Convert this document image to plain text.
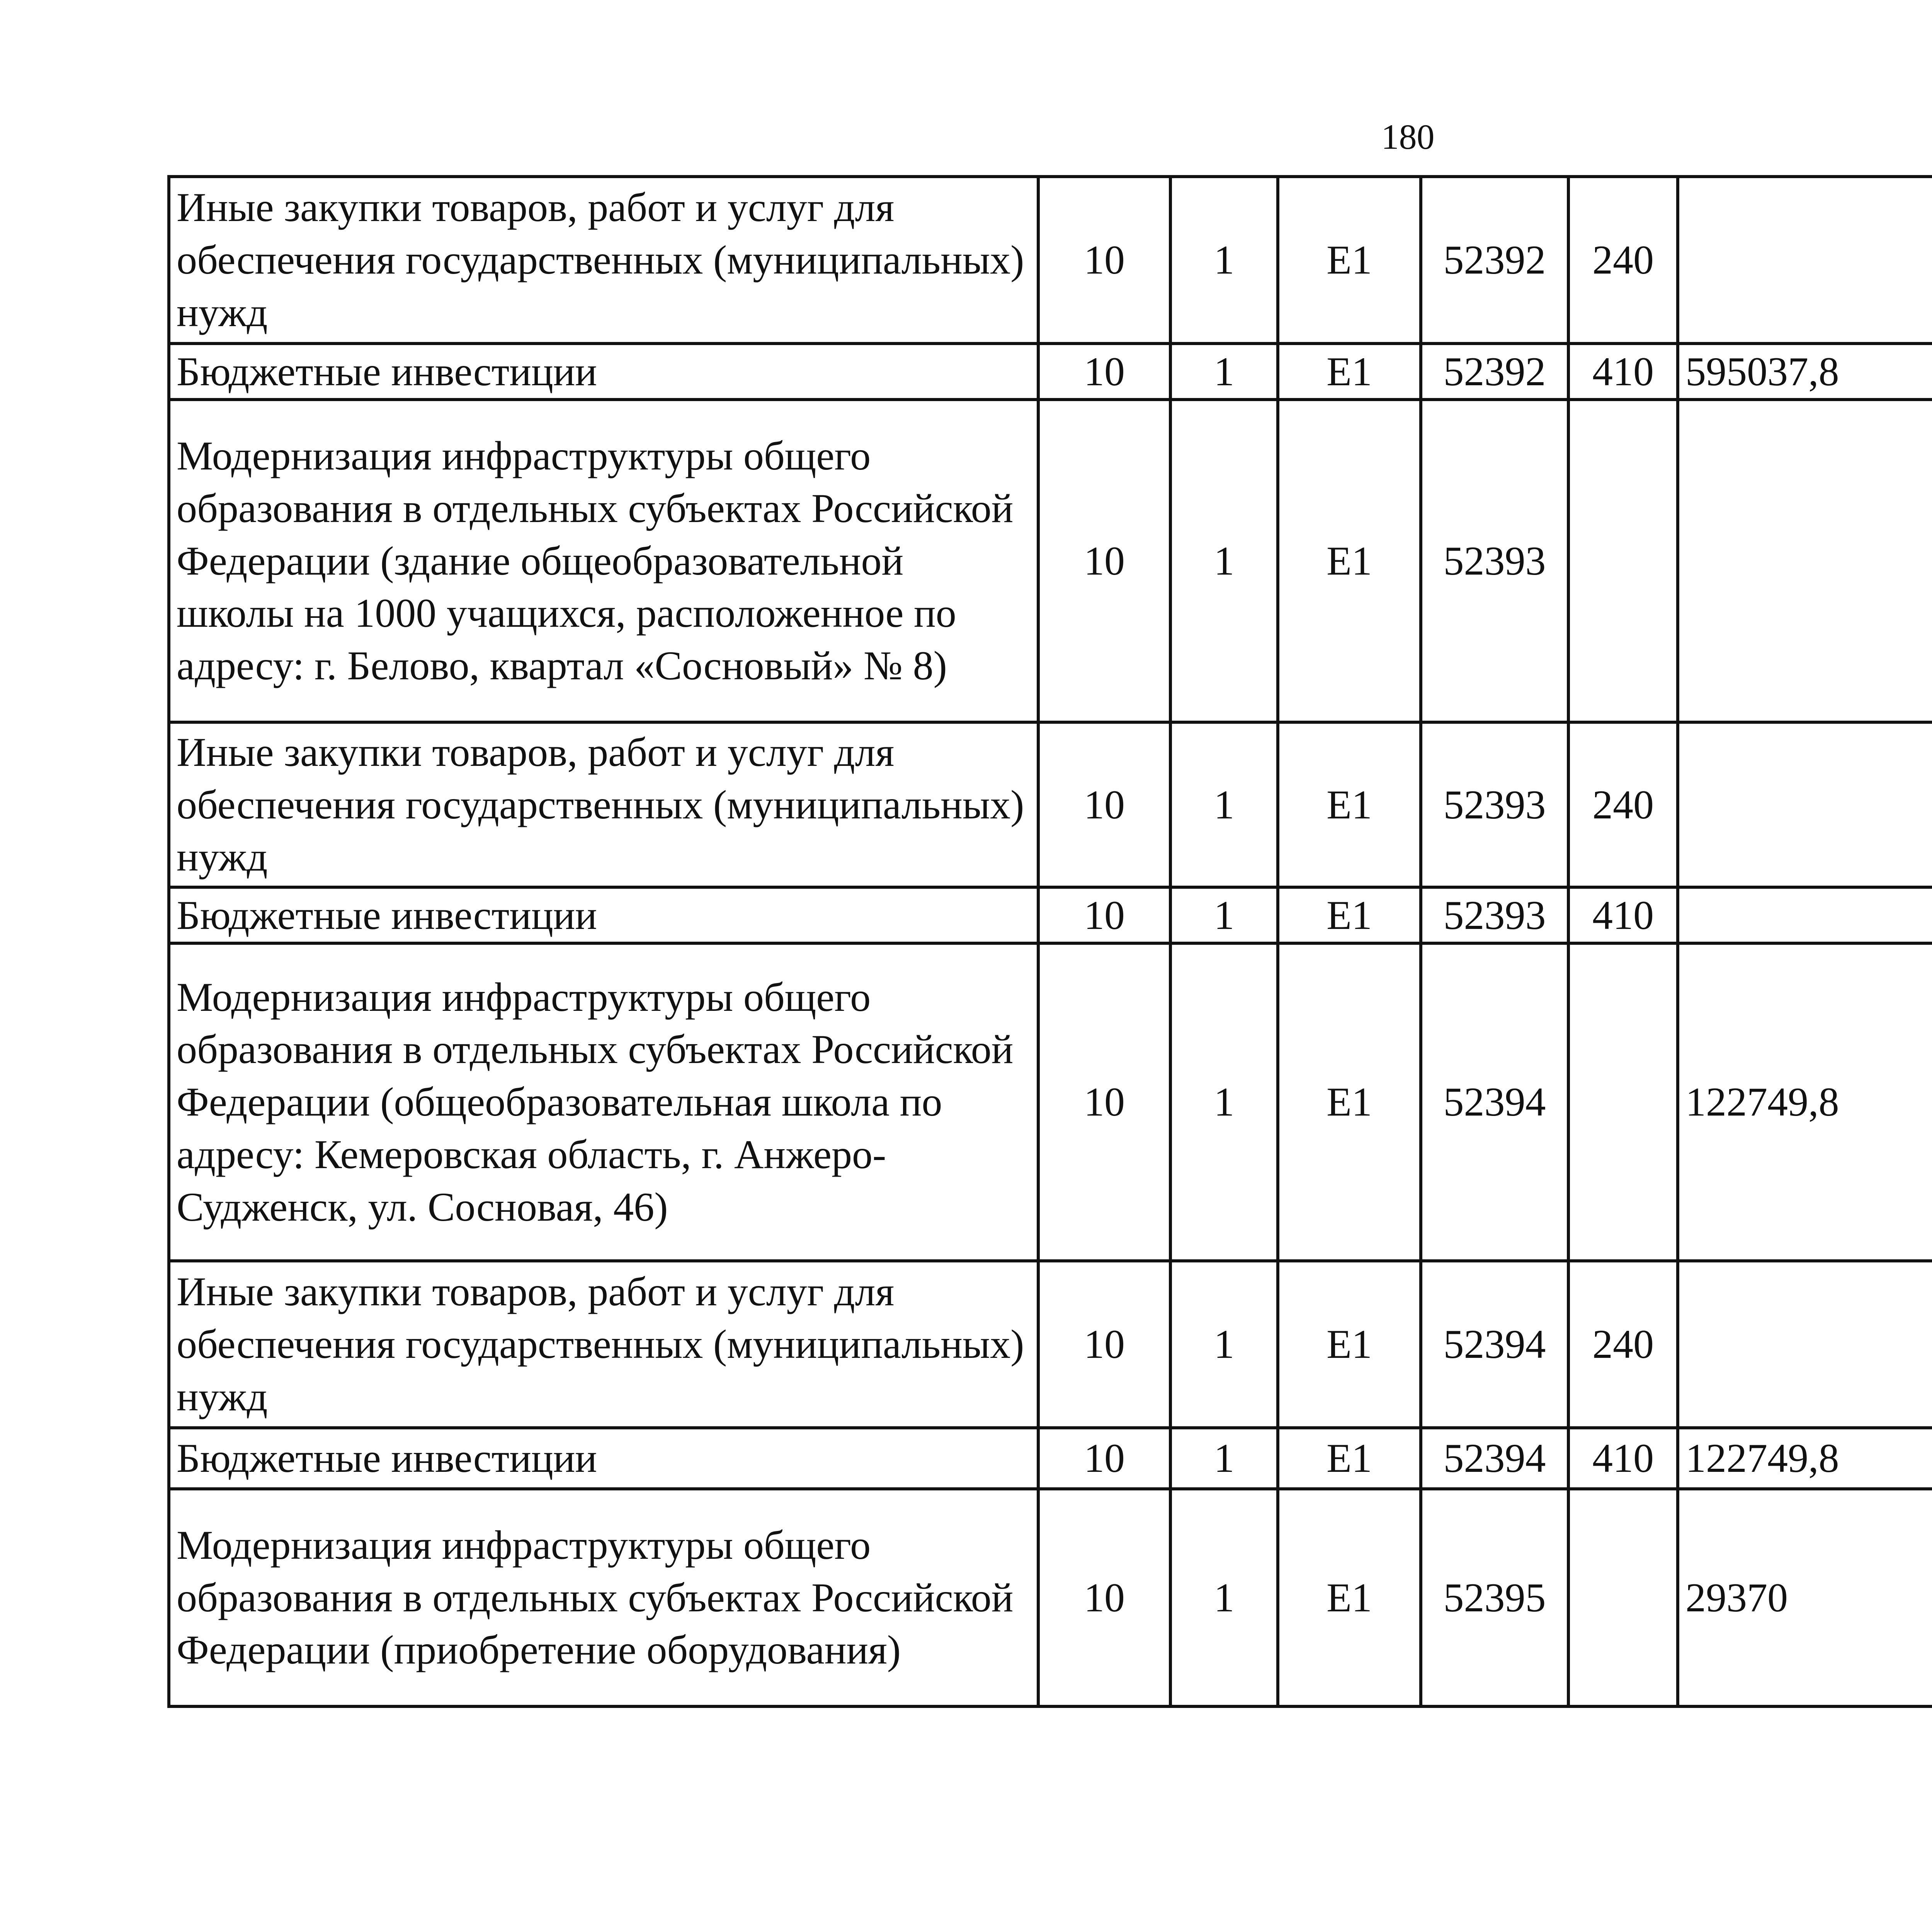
180
Иные закупки товаров, работ и услуг для обеспечения государственных (муниципальных) нужд	10	1	Е1	52392	240			
Бюджетные инвестиции	10	1	Е1	52392	410	595037,8		
Модернизация инфраструктуры общего образования в отдельных субъектах Российской Федерации (здание общеобразовательной школы на 1000 учащихся, расположенное по адресу: г. Белово, квартал «Сосновый» № 8)	10	1	Е1	52393				
Иные закупки товаров, работ и услуг для обеспечения государственных (муниципальных) нужд	10	1	Е1	52393	240			
Бюджетные инвестиции	10	1	Е1	52393	410			
Модернизация инфраструктуры общего образования в отдельных субъектах Российской Федерации (общеобразовательная школа по адресу: Кемеровская область, г. Анжеро-Судженск, ул. Сосновая, 46)	10	1	Е1	52394		122749,8		
Иные закупки товаров, работ и услуг для обеспечения государственных (муниципальных) нужд	10	1	Е1	52394	240			
Бюджетные инвестиции	10	1	Е1	52394	410	122749,8		
Модернизация инфраструктуры общего образования в отдельных субъектах Российской Федерации (приобретение оборудования)	10	1	Е1	52395		29370		
